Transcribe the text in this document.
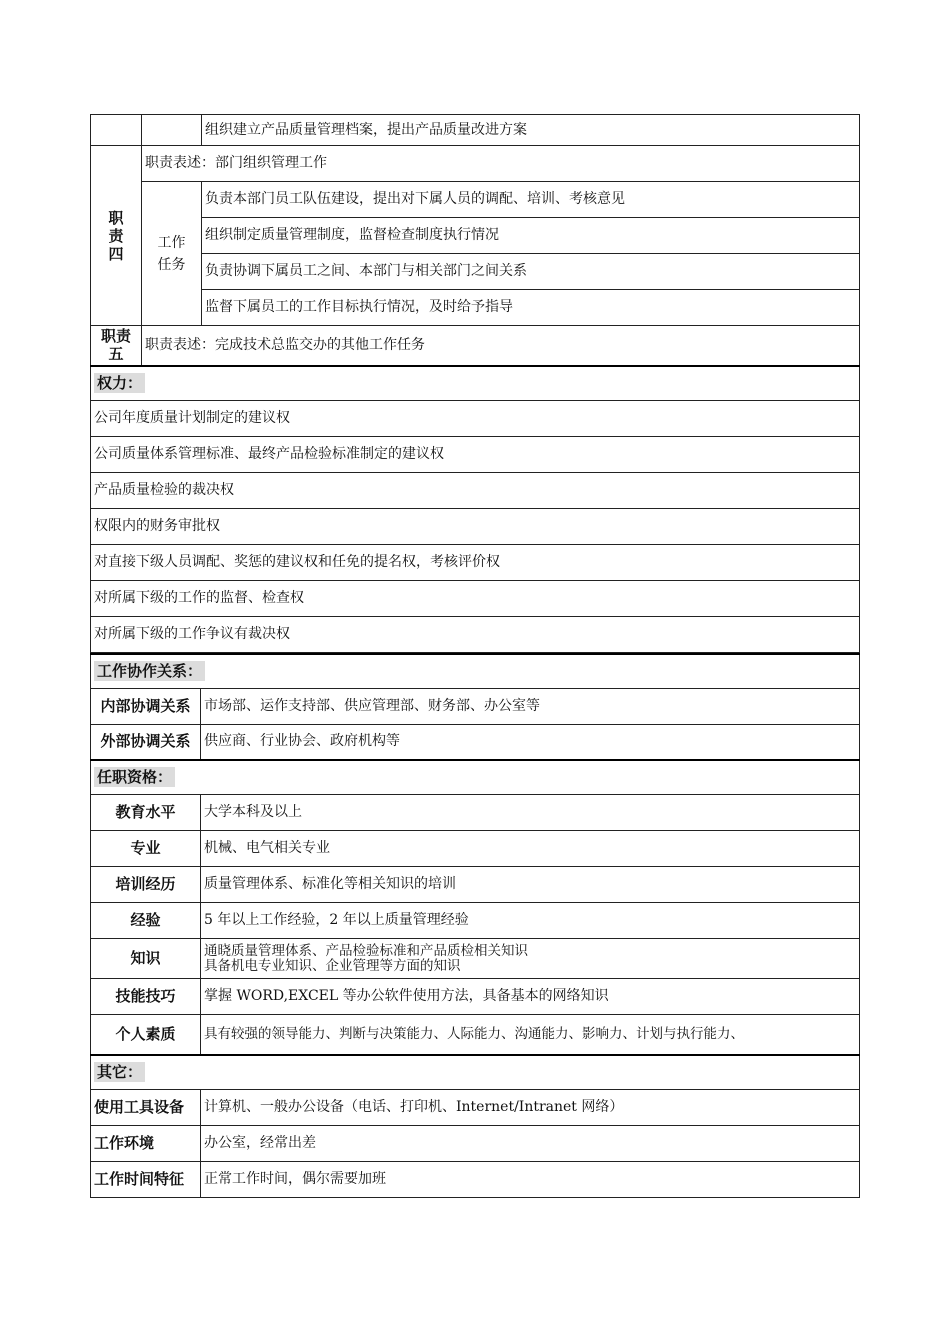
		组织建立产品质量管理档案，提出产品质量改进方案
职责四	职责表述：部门组织管理工作	
	工作任务	负责本部门员工队伍建设，提出对下属人员的调配、培训、考核意见
		组织制定质量管理制度，监督检查制度执行情况
		负责协调下属员工之间、本部门与相关部门之间关系
		监督下属员工的工作目标执行情况，及时给予指导
职责五	职责表述：完成技术总监交办的其他工作任务	
权力：		
公司年度质量计划制定的建议权		
公司质量体系管理标准、最终产品检验标准制定的建议权		
产品质量检验的裁决权		
权限内的财务审批权		
对直接下级人员调配、奖惩的建议权和任免的提名权，考核评价权		
对所属下级的工作的监督、检查权		
对所属下级的工作争议有裁决权		
工作协作关系：	
内部协调关系	市场部、运作支持部、供应管理部、财务部、办公室等
外部协调关系	供应商、行业协会、政府机构等
任职资格：	
教育水平	大学本科及以上
专业	机械、电气相关专业
培训经历	质量管理体系、标准化等相关知识的培训
经验	5 年以上工作经验，2 年以上质量管理经验
知识	通晓质量管理体系、产品检验标准和产品质检相关知识
具备机电专业知识、企业管理等方面的知识

技能技巧	掌握 WORD,EXCEL 等办公软件使用方法，具备基本的网络知识
个人素质	具有较强的领导能力、判断与决策能力、人际能力、沟通能力、影响力、计划与执行能力、
其它：	
使用工具设备	计算机、一般办公设备（电话、打印机、Internet/Intranet 网络）
工作环境	办公室，经常出差
工作时间特征	正常工作时间，偶尔需要加班
